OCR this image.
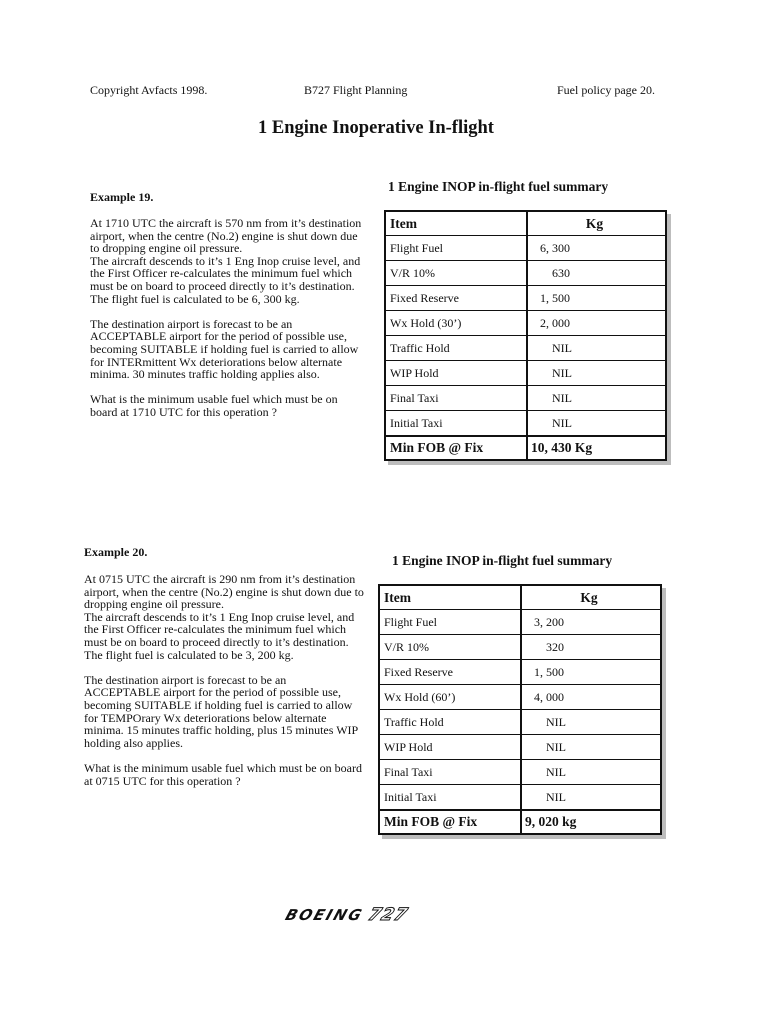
Copyright Avfacts 1998.	B727 Flight Planning	Fuel policy page 20.
1 Engine Inoperative In-flight
Example 19.

At 1710 UTC the aircraft is 570 nm from it’s destination airport, when the centre (No.2) engine is shut down due to dropping engine oil pressure.
The aircraft descends to it’s 1 Eng Inop cruise level, and the First Officer re-calculates the minimum fuel which must be on board to proceed directly to it’s destination.
The flight fuel is calculated to be 6, 300 kg.

The destination airport is forecast to be an ACCEPTABLE airport for the period of possible use, becoming SUITABLE if holding fuel is carried to allow for INTERmittent Wx deteriorations below alternate minima. 30 minutes traffic holding applies also.

What is the minimum usable fuel which must be on board at 1710 UTC for this operation ?

1 Engine INOP in-flight fuel summary
Item	Kg
Flight Fuel	6, 300
V/R 10%	630
Fixed Reserve	1, 500
Wx Hold (30’)	2, 000
Traffic Hold	NIL
WIP Hold	NIL
Final Taxi	NIL
Initial Taxi	NIL
Min FOB @ Fix	10, 430 Kg
Example 20.

At 0715 UTC the aircraft is 290 nm from it’s destination airport, when the centre (No.2) engine is shut down due to dropping engine oil pressure.
The aircraft descends to it’s 1 Eng Inop cruise level, and the First Officer re-calculates the minimum fuel which must be on board to proceed directly to it’s destination.
The flight fuel is calculated to be 3, 200 kg.

The destination airport is forecast to be an ACCEPTABLE airport for the period of possible use, becoming SUITABLE if holding fuel is carried to allow for TEMPOrary Wx deteriorations below alternate minima. 15 minutes traffic holding, plus 15 minutes WIP holding also applies.

What is the minimum usable fuel which must be on board at 0715 UTC for this operation ?

1 Engine INOP in-flight fuel summary
Item	Kg
Flight Fuel	3, 200
V/R 10%	320
Fixed Reserve	1, 500
Wx Hold (60’)	4, 000
Traffic Hold	NIL
WIP Hold	NIL
Final Taxi	NIL
Initial Taxi	NIL
Min FOB @ Fix	9, 020 kg
BOEING727
